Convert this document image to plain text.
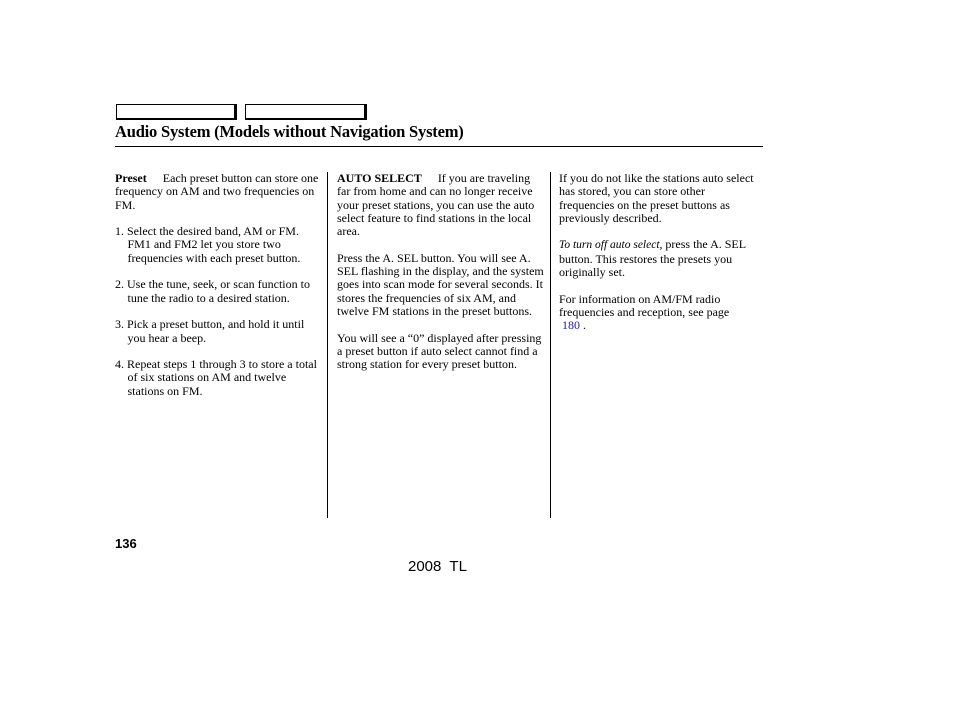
Audio System (Models without Navigation System)

Preset Each preset button can store one frequency on AM and two frequencies on FM.

1. Select the desired band, AM or FM. FM1 and FM2 let you store two frequencies with each preset button.

2. Use the tune, seek, or scan function to tune the radio to a desired station.

3. Pick a preset button, and hold it until you hear a beep.

4. Repeat steps 1 through 3 to store a total of six stations on AM and twelve stations on FM.

AUTO SELECT If you are traveling far from home and can no longer receive your preset stations, you can use the auto select feature to find stations in the local area.

Press the A. SEL button. You will see A. SEL flashing in the display, and the system goes into scan mode for several seconds. It stores the frequencies of six AM, and twelve FM stations in the preset buttons.

You will see a “0” displayed after pressing a preset button if auto select cannot find a strong station for every preset button.

If you do not like the stations auto select has stored, you can store other frequencies on the preset buttons as previously described.

To turn off auto select, press the A. SEL button. This restores the presets you originally set.

For information on AM/FM radio frequencies and reception, see page
180 .

136
2008  TL
